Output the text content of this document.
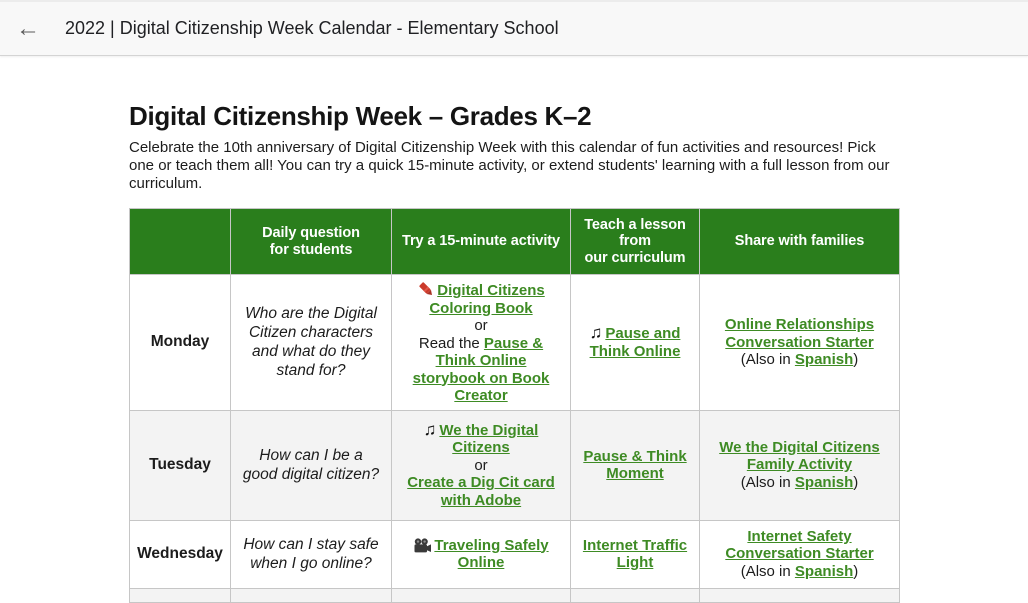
← 2022 | Digital Citizenship Week Calendar - Elementary School
Digital Citizenship Week – Grades K–2

Celebrate the 10th anniversary of Digital Citizenship Week with this calendar of fun activities and resources! Pick one or teach them all! You can try a quick 15-minute activity, or extend students' learning with a full lesson from our curriculum.

	Daily question
for students	Try a 15-minute activity	Teach a lesson
from
our curriculum	Share with families
Monday	Who are the Digital Citizen characters and what do they stand for?	Digital Citizens Coloring Book
or
Read the Pause & Think Online storybook on Book Creator	♫ Pause and Think Online	Online Relationships Conversation Starter
(Also in Spanish)
Tuesday	How can I be a good digital citizen?	♫ We the Digital Citizens
or
Create a Dig Cit card with Adobe	Pause & Think Moment	We the Digital Citizens Family Activity
(Also in Spanish)
Wednesday	How can I stay safe when I go online?	Traveling Safely Online	Internet Traffic Light	Internet Safety Conversation Starter
(Also in Spanish)
